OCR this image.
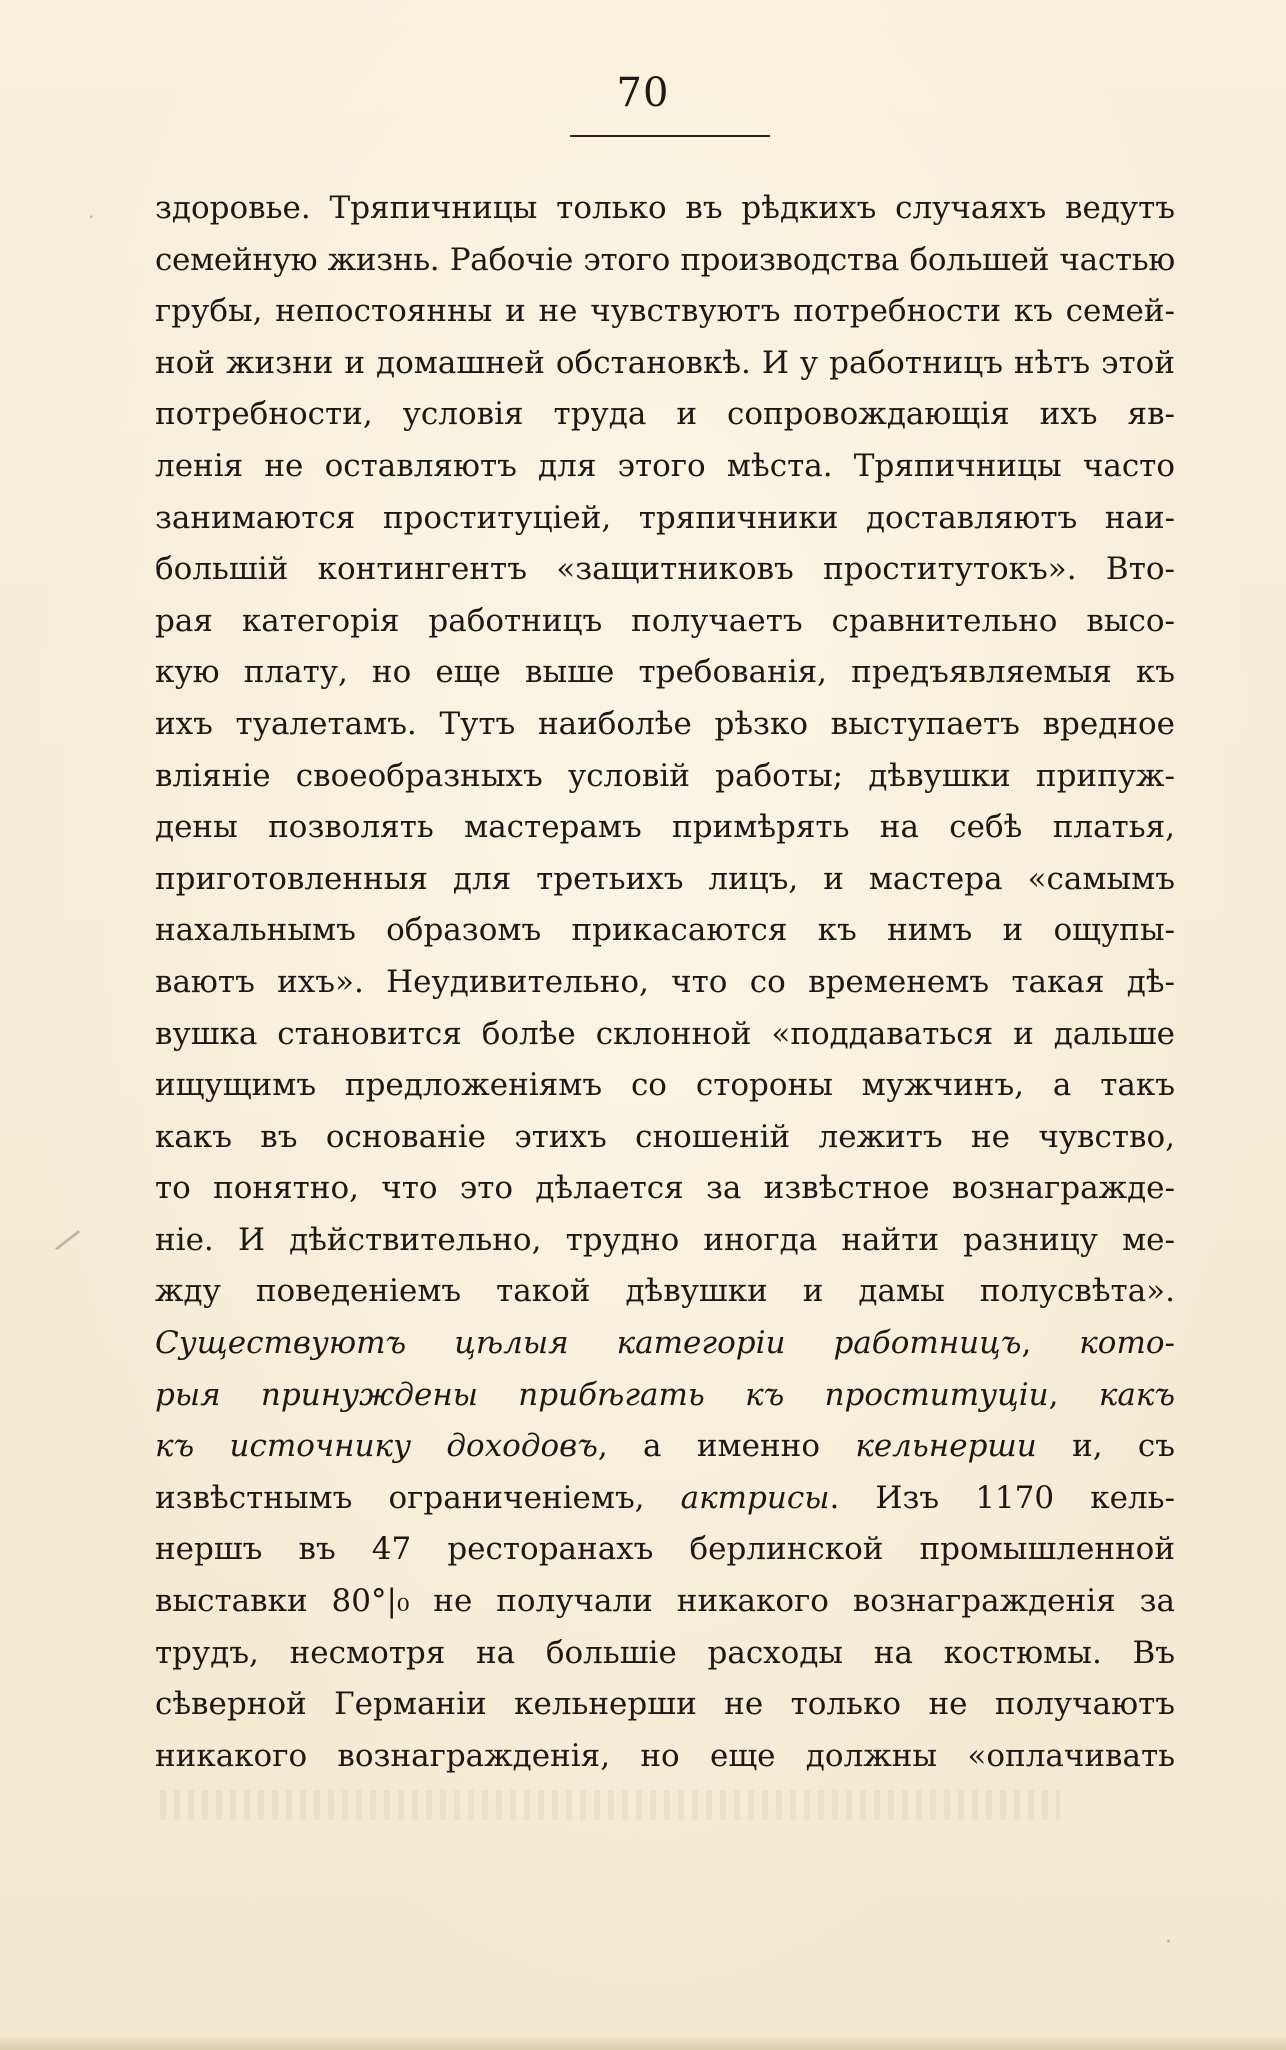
70
здоровье. Тряпичницы только въ рѣдкихъ случаяхъ ведутъ
семейную жизнь. Рабочіе этого производства большей частью
грубы, непостоянны и не чувствуютъ потребности къ семей-
ной жизни и домашней обстановкѣ. И у работницъ нѣтъ этой
потребности, условія труда и сопровождающія ихъ яв-
ленія не оставляютъ для этого мѣста. Тряпичницы часто
занимаются проституціей, тряпичники доставляютъ наи-
большій контингентъ «защитниковъ проститутокъ». Вто-
рая категорія работницъ получаетъ сравнительно высо-
кую плату, но еще выше требованія, предъявляемыя къ
ихъ туалетамъ. Тутъ наиболѣе рѣзко выступаетъ вредное
вліяніе своеобразныхъ условій работы; дѣвушки припуж-
дены позволять мастерамъ примѣрять на себѣ платья,
приготовленныя для третьихъ лицъ, и мастера «самымъ
нахальнымъ образомъ прикасаются къ нимъ и ощупы-
ваютъ ихъ». Неудивительно, что со временемъ такая дѣ-
вушка становится болѣе склонной «поддаваться и дальше
ищущимъ предложеніямъ со стороны мужчинъ, а такъ
какъ въ основаніе этихъ сношеній лежитъ не чувство,
то понятно, что это дѣлается за извѣстное вознагражде-
ніе. И дѣйствительно, трудно иногда найти разницу ме-
жду поведеніемъ такой дѣвушки и дамы полусвѣта».
Существуютъ цѣлыя категоріи работницъ, кото-
рыя принуждены прибѣгать къ проституціи, какъ
къ источнику доходовъ, а именно кельнерши и, съ
извѣстнымъ ограниченіемъ, актрисы. Изъ 1170 кель-
нершъ въ 47 ресторанахъ берлинской промышленной
выставки 80°|₀ не получали никакого вознагражденія за
трудъ, несмотря на большіе расходы на костюмы. Въ
сѣверной Германіи кельнерши не только не получаютъ
никакого вознагражденія, но еще должны «оплачивать
·
/
·
